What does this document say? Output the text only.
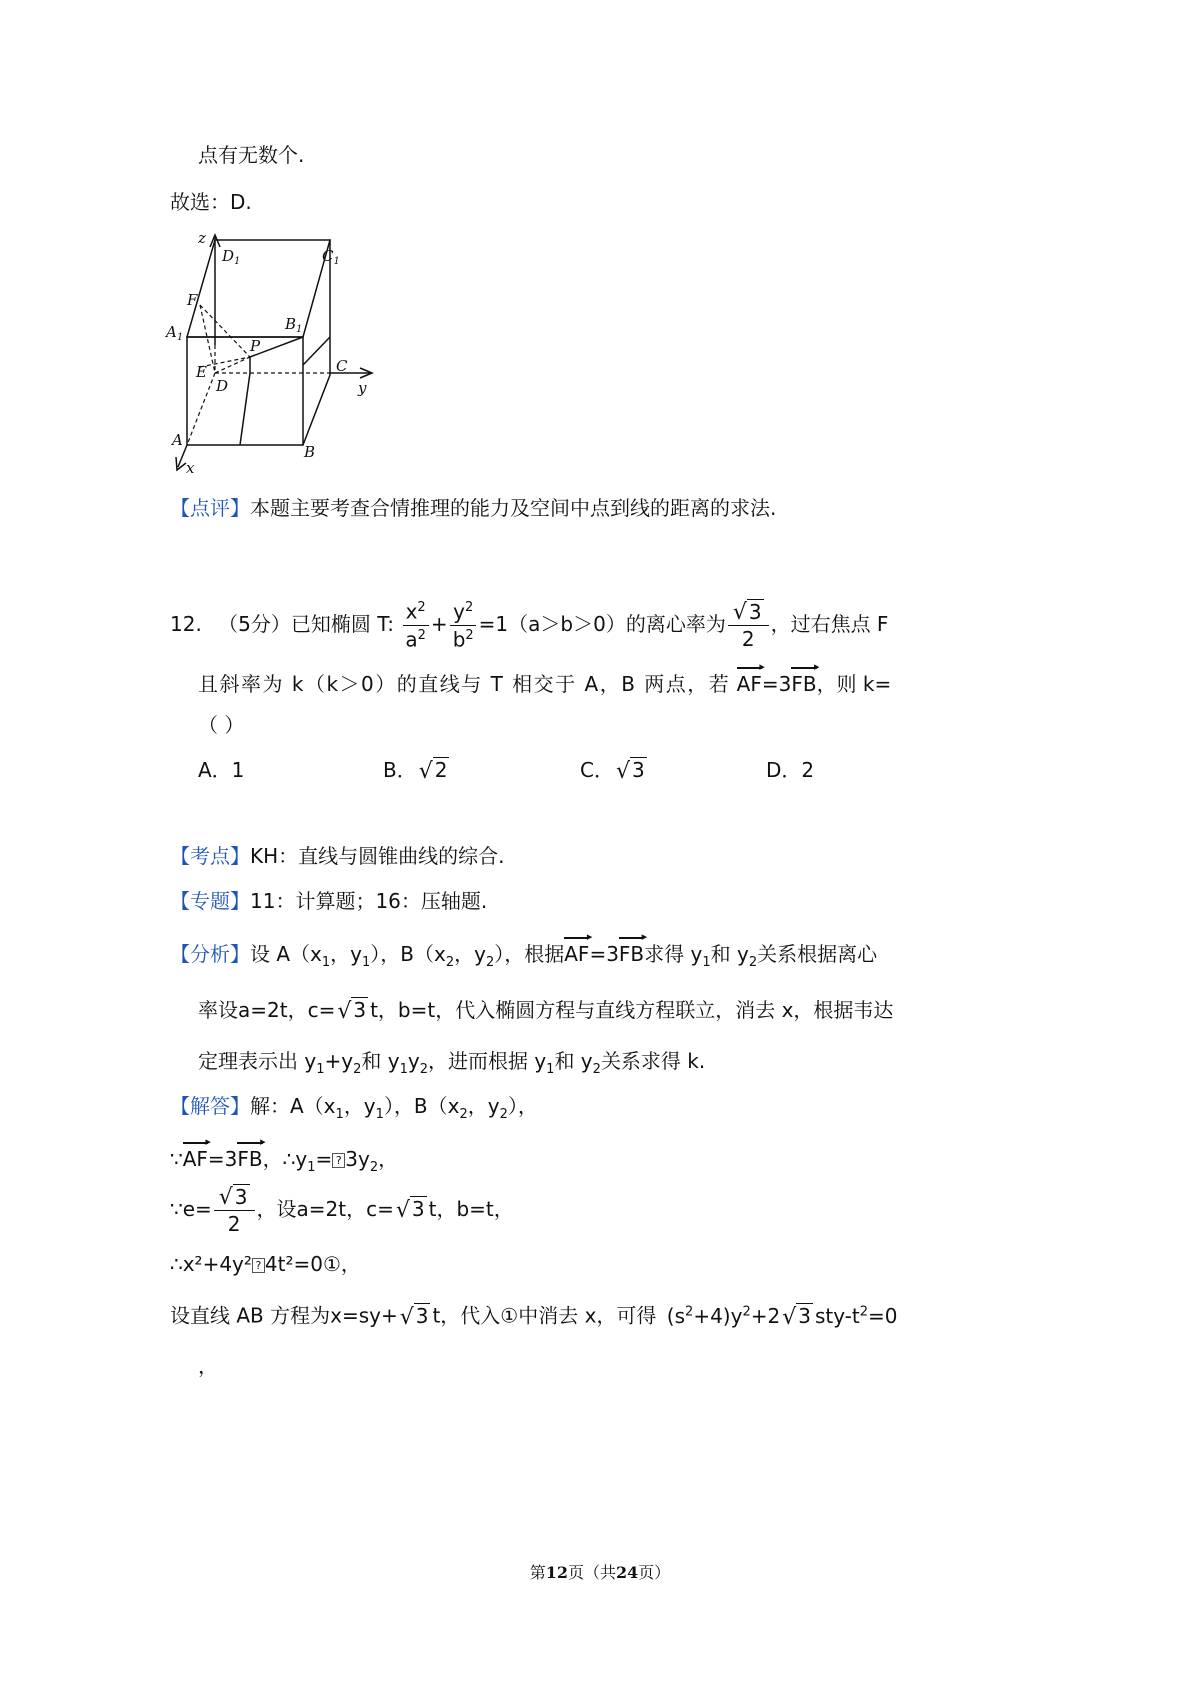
点有无数个.
故选：D.
z
$D_1$	$C_1$
F
$A_1$
$B_1$
P
E
D
C
y
A
B
x
【点评】本题主要考查合情推理的能力及空间中点到线的距离的求法.
12. （5分）已知椭圆 T: $\frac{x^2}{a^2} + \frac{y^2}{b^2} =1(a>b>0)$的离心率为 $\frac{√ 3}{2}$ ，过右焦点 F
且斜率为 k（k＞0）的直线与 T 相交于 A，B 两点，若
▸
AF=3
▸
FB，则 k=
（ ）
A．1	B． √ 2	C． √ 3	D．2
【考点】KH：直线与圆锥曲线的综合.
【专题】11：计算题；16：压轴题.
【分析】设 $A(x_1$，$y_1$），$B(x_2$，$y_2$），根据
▸
AF=3
▸
FB求得 $y_1$和 $y_2$关系根据离心
率设a=2t，c= √ 3 t，b=t，代入椭圆方程与直线方程联立，消去 x，根据韦达
定理表示出 $y_1+y_2$和 $y_1y_2$，进而根据 $y_1$和 $y_2$关系求得 k.
【解答】解：$A(x_1$，$y_1$），$B(x_2$，$y_2$），
∵
▸
AF=3
▸
FB，$\therefore y_1=$ ? $3y_2$，
∵e= $\frac{√ 3}{2}$ ，设a=2t，c= √ 3 t，b=t，
∴x²+4y² ? 4t²=0①，
设直线 AB 方程为x=sy+ √ 3 t，代入①中消去 x，可得 $(s^2+4)y^2+2$ √ 3 sty-$t^2=0$
，
第12页（共24页）
